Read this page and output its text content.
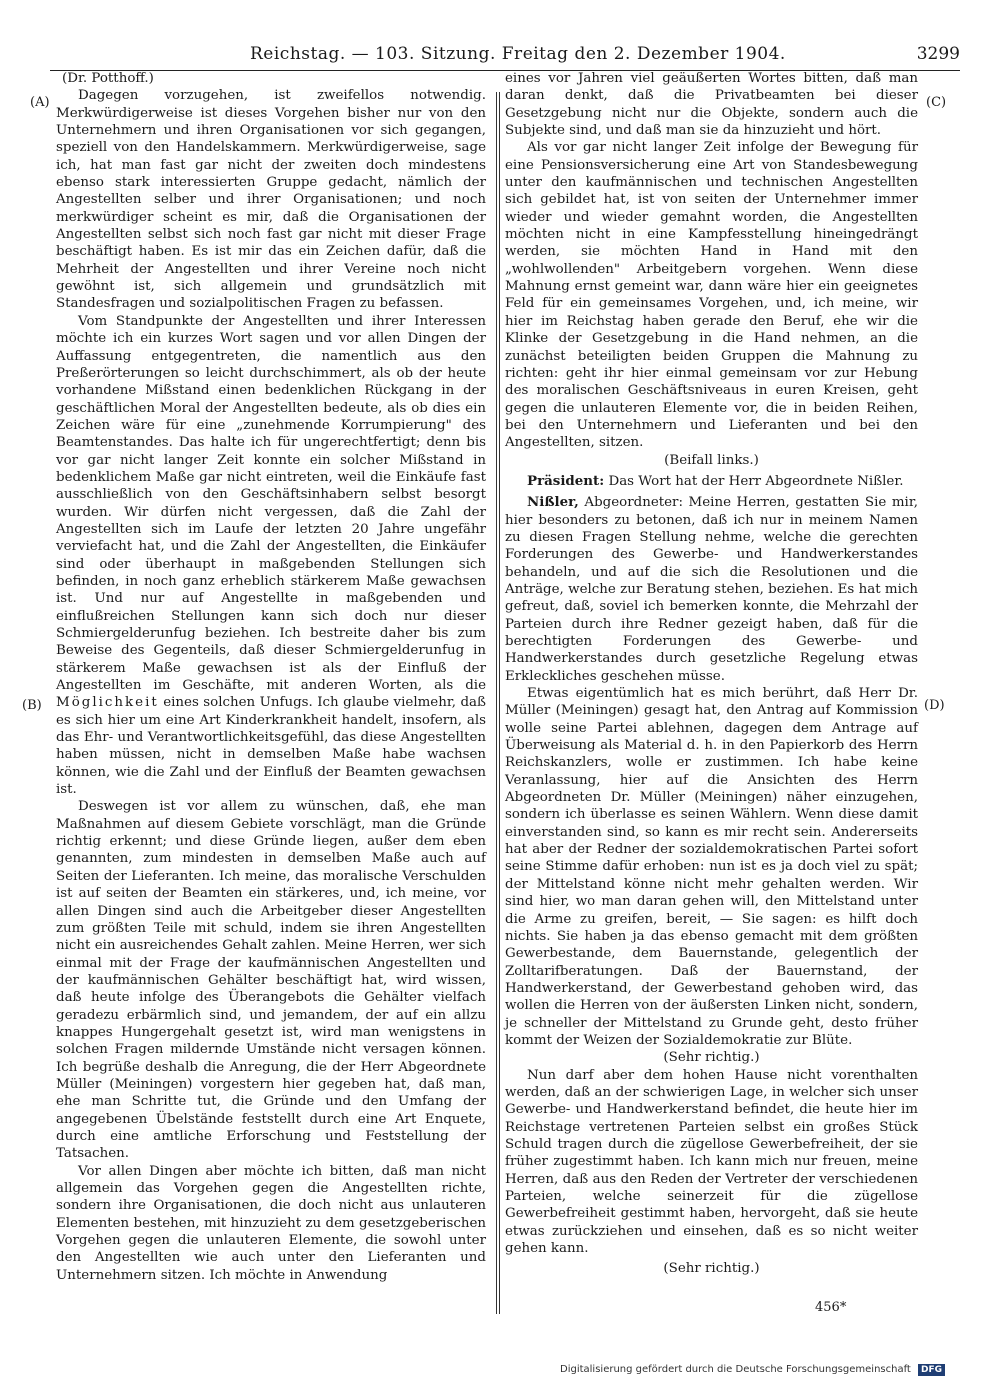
Reichstag. — 103. Sitzung. Freitag den 2. Dezember 1904.	3299
(A)
(B)
(C)
(D)

(Dr. Potthoff.)

Dagegen vorzugehen, ist zweifellos notwendig. Merkwürdigerweise ist dieses Vorgehen bisher nur von den Unternehmern und ihren Organisationen vor sich gegangen, speziell von den Handelskammern. Merkwürdigerweise, sage ich, hat man fast gar nicht der zweiten doch mindestens ebenso stark interessierten Gruppe gedacht, nämlich der Angestellten selber und ihrer Organisationen; und noch merkwürdiger scheint es mir, daß die Organisationen der Angestellten selbst sich noch fast gar nicht mit dieser Frage beschäftigt haben. Es ist mir das ein Zeichen dafür, daß die Mehrheit der Angestellten und ihrer Vereine noch nicht gewöhnt ist, sich allgemein und grundsätzlich mit Standesfragen und sozialpolitischen Fragen zu befassen.

Vom Standpunkte der Angestellten und ihrer Interessen möchte ich ein kurzes Wort sagen und vor allen Dingen der Auffassung entgegentreten, die namentlich aus den Preßerörterungen so leicht durchschimmert, als ob der heute vorhandene Mißstand einen bedenklichen Rückgang in der geschäftlichen Moral der Angestellten bedeute, als ob dies ein Zeichen wäre für eine „zunehmende Korrumpierung" des Beamtenstandes. Das halte ich für ungerechtfertigt; denn bis vor gar nicht langer Zeit konnte ein solcher Mißstand in bedenklichem Maße gar nicht eintreten, weil die Einkäufe fast ausschließlich von den Geschäftsinhabern selbst besorgt wurden. Wir dürfen nicht vergessen, daß die Zahl der Angestellten sich im Laufe der letzten 20 Jahre ungefähr verviefacht hat, und die Zahl der Angestellten, die Einkäufer sind oder überhaupt in maßgebenden Stellungen sich befinden, in noch ganz erheblich stärkerem Maße gewachsen ist. Und nur auf Angestellte in maßgebenden und einflußreichen Stellungen kann sich doch nur dieser Schmiergelderunfug beziehen. Ich bestreite daher bis zum Beweise des Gegenteils, daß dieser Schmiergelderunfug in stärkerem Maße gewachsen ist als der Einfluß der Angestellten im Geschäfte, mit anderen Worten, als die Möglichkeit eines solchen Unfugs. Ich glaube vielmehr, daß es sich hier um eine Art Kinderkrankheit handelt, insofern, als das Ehr- und Verantwortlichkeitsgefühl, das diese Angestellten haben müssen, nicht in demselben Maße habe wachsen können, wie die Zahl und der Einfluß der Beamten gewachsen ist.

Deswegen ist vor allem zu wünschen, daß, ehe man Maßnahmen auf diesem Gebiete vorschlägt, man die Gründe richtig erkennt; und diese Gründe liegen, außer dem eben genannten, zum mindesten in demselben Maße auch auf Seiten der Lieferanten. Ich meine, das moralische Verschulden ist auf seiten der Beamten ein stärkeres, und, ich meine, vor allen Dingen sind auch die Arbeitgeber dieser Angestellten zum größten Teile mit schuld, indem sie ihren Angestellten nicht ein ausreichendes Gehalt zahlen. Meine Herren, wer sich einmal mit der Frage der kaufmännischen Angestellten und der kaufmännischen Gehälter beschäftigt hat, wird wissen, daß heute infolge des Überangebots die Gehälter vielfach geradezu erbärmlich sind, und jemandem, der auf ein allzu knappes Hungergehalt gesetzt ist, wird man wenigstens in solchen Fragen mildernde Umstände nicht versagen können. Ich begrüße deshalb die Anregung, die der Herr Abgeordnete Müller (Meiningen) vorgestern hier gegeben hat, daß man, ehe man Schritte tut, die Gründe und den Umfang der angegebenen Übelstände feststellt durch eine Art Enquete, durch eine amtliche Erforschung und Feststellung der Tatsachen.

Vor allen Dingen aber möchte ich bitten, daß man nicht allgemein das Vorgehen gegen die Angestellten richte, sondern ihre Organisationen, die doch nicht aus unlauteren Elementen bestehen, mit hinzuzieht zu dem gesetzgeberischen Vorgehen gegen die unlauteren Elemente, die sowohl unter den Angestellten wie auch unter den Lieferanten und Unternehmern sitzen. Ich möchte in Anwendung

eines vor Jahren viel geäußerten Wortes bitten, daß man daran denkt, daß die Privatbeamten bei dieser Gesetzgebung nicht nur die Objekte, sondern auch die Subjekte sind, und daß man sie da hinzuzieht und hört.

Als vor gar nicht langer Zeit infolge der Bewegung für eine Pensionsversicherung eine Art von Standesbewegung unter den kaufmännischen und technischen Angestellten sich gebildet hat, ist von seiten der Unternehmer immer wieder und wieder gemahnt worden, die Angestellten möchten nicht in eine Kampfesstellung hineingedrängt werden, sie möchten Hand in Hand mit den „wohlwollenden" Arbeitgebern vorgehen. Wenn diese Mahnung ernst gemeint war, dann wäre hier ein geeignetes Feld für ein gemeinsames Vorgehen, und, ich meine, wir hier im Reichstag haben gerade den Beruf, ehe wir die Klinke der Gesetzgebung in die Hand nehmen, an die zunächst beteiligten beiden Gruppen die Mahnung zu richten: geht ihr hier einmal gemeinsam vor zur Hebung des moralischen Geschäftsniveaus in euren Kreisen, geht gegen die unlauteren Elemente vor, die in beiden Reihen, bei den Unternehmern und Lieferanten und bei den Angestellten, sitzen.

(Beifall links.)

Präsident: Das Wort hat der Herr Abgeordnete Nißler.

Nißler, Abgeordneter: Meine Herren, gestatten Sie mir, hier besonders zu betonen, daß ich nur in meinem Namen zu diesen Fragen Stellung nehme, welche die gerechten Forderungen des Gewerbe- und Handwerkerstandes behandeln, und auf die sich die Resolutionen und die Anträge, welche zur Beratung stehen, beziehen. Es hat mich gefreut, daß, soviel ich bemerken konnte, die Mehrzahl der Parteien durch ihre Redner gezeigt haben, daß für die berechtigten Forderungen des Gewerbe- und Handwerkerstandes durch gesetzliche Regelung etwas Erkleckliches geschehen müsse.

Etwas eigentümlich hat es mich berührt, daß Herr Dr. Müller (Meiningen) gesagt hat, den Antrag auf Kommission wolle seine Partei ablehnen, dagegen dem Antrage auf Überweisung als Material d. h. in den Papierkorb des Herrn Reichskanzlers, wolle er zustimmen. Ich habe keine Veranlassung, hier auf die Ansichten des Herrn Abgeordneten Dr. Müller (Meiningen) näher einzugehen, sondern ich überlasse es seinen Wählern. Wenn diese damit einverstanden sind, so kann es mir recht sein. Andererseits hat aber der Redner der sozialdemokratischen Partei sofort seine Stimme dafür erhoben: nun ist es ja doch viel zu spät; der Mittelstand könne nicht mehr gehalten werden. Wir sind hier, wo man daran gehen will, den Mittelstand unter die Arme zu greifen, bereit, — Sie sagen: es hilft doch nichts. Sie haben ja das ebenso gemacht mit dem größten Gewerbestande, dem Bauernstande, gelegentlich der Zolltarifberatungen. Daß der Bauernstand, der Handwerkerstand, der Gewerbestand gehoben wird, das wollen die Herren von der äußersten Linken nicht, sondern, je schneller der Mittelstand zu Grunde geht, desto früher kommt der Weizen der Sozialdemokratie zur Blüte.

(Sehr richtig.)

Nun darf aber dem hohen Hause nicht vorenthalten werden, daß an der schwierigen Lage, in welcher sich unser Gewerbe- und Handwerkerstand befindet, die heute hier im Reichstage vertretenen Parteien selbst ein großes Stück Schuld tragen durch die zügellose Gewerbefreiheit, der sie früher zugestimmt haben. Ich kann mich nur freuen, meine Herren, daß aus den Reden der Vertreter der verschiedenen Parteien, welche seinerzeit für die zügellose Gewerbefreiheit gestimmt haben, hervorgeht, daß sie heute etwas zurückziehen und einsehen, daß es so nicht weiter gehen kann.

(Sehr richtig.)

456*
Digitalisierung gefördert durch die Deutsche Forschungsgemeinschaft DFG
